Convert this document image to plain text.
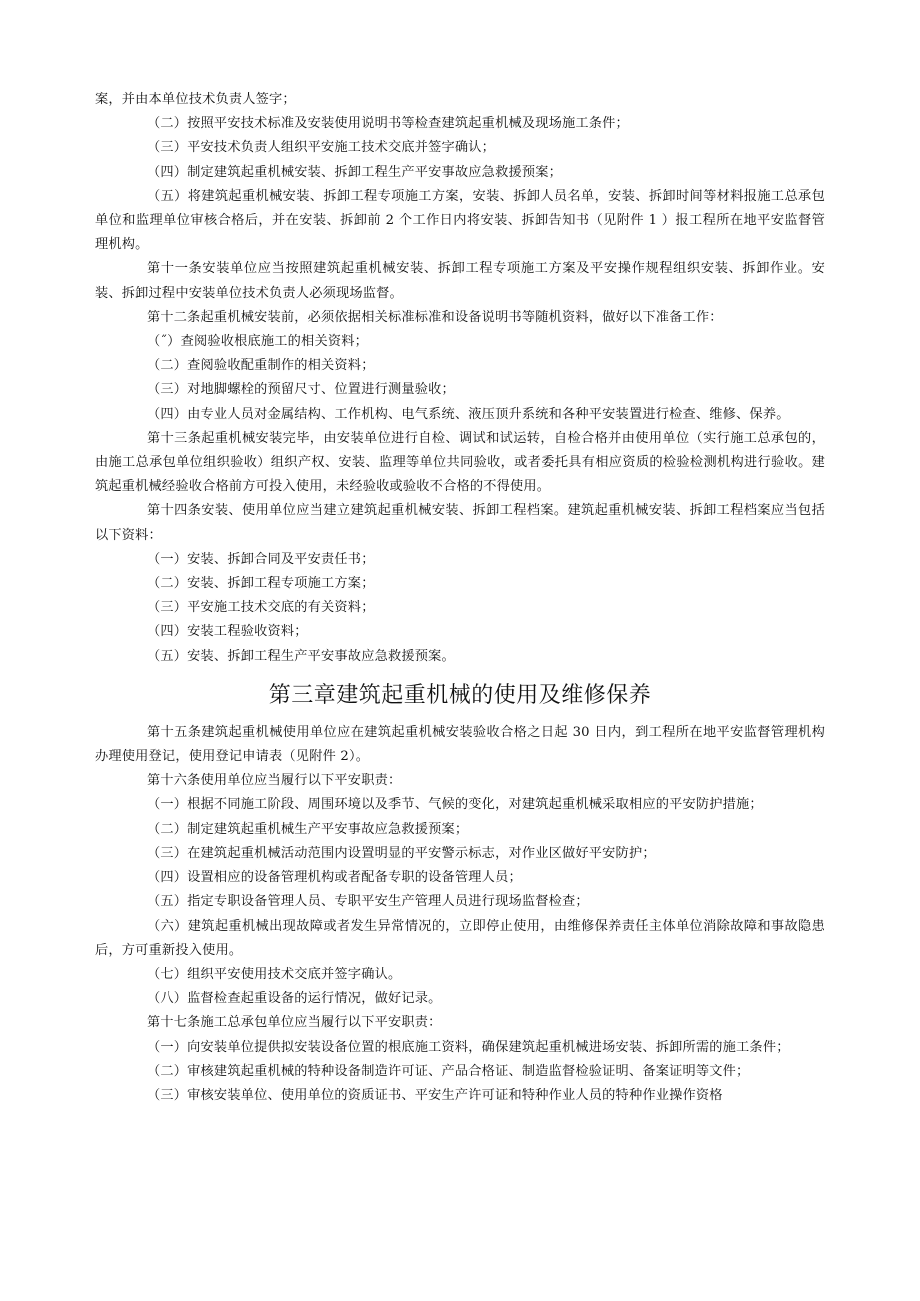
案，并由本单位技术负责人签字；

（二）按照平安技术标准及安装使用说明书等检查建筑起重机械及现场施工条件；

（三）平安技术负责人组织平安施工技术交底并签字确认；

（四）制定建筑起重机械安装、拆卸工程生产平安事故应急救援预案；

（五）将建筑起重机械安装、拆卸工程专项施工方案，安装、拆卸人员名单，安装、拆卸时间等材料报施工总承包单位和监理单位审核合格后，并在安装、拆卸前 2 个工作日内将安装、拆卸告知书（见附件 1 ）报工程所在地平安监督管理机构。

第十一条安装单位应当按照建筑起重机械安装、拆卸工程专项施工方案及平安操作规程组织安装、拆卸作业。安装、拆卸过程中安装单位技术负责人必须现场监督。

第十二条起重机械安装前，必须依据相关标准标准和设备说明书等随机资料，做好以下准备工作：

（˝）查阅验收根底施工的相关资料；

（二）查阅验收配重制作的相关资料；

（三）对地脚螺栓的预留尺寸、位置进行测量验收；

（四）由专业人员对金属结构、工作机构、电气系统、液压顶升系统和各种平安装置进行检查、维修、保养。

第十三条起重机械安装完毕，由安装单位进行自检、调试和试运转，自检合格并由使用单位（实行施工总承包的，由施工总承包单位组织验收）组织产权、安装、监理等单位共同验收，或者委托具有相应资质的检验检测机构进行验收。建筑起重机械经验收合格前方可投入使用，未经验收或验收不合格的不得使用。

第十四条安装、使用单位应当建立建筑起重机械安装、拆卸工程档案。建筑起重机械安装、拆卸工程档案应当包括以下资料：

（一）安装、拆卸合同及平安责任书；

（二）安装、拆卸工程专项施工方案；

（三）平安施工技术交底的有关资料；

（四）安装工程验收资料；

（五）安装、拆卸工程生产平安事故应急救援预案。

第三章建筑起重机械的使用及维修保养

第十五条建筑起重机械使用单位应在建筑起重机械安装验收合格之日起 30 日内，到工程所在地平安监督管理机构办理使用登记，使用登记申请表（见附件 2）。

第十六条使用单位应当履行以下平安职责：

（一）根据不同施工阶段、周围环境以及季节、气候的变化，对建筑起重机械采取相应的平安防护措施；

（二）制定建筑起重机械生产平安事故应急救援预案；

（三）在建筑起重机械活动范围内设置明显的平安警示标志，对作业区做好平安防护；

（四）设置相应的设备管理机构或者配备专职的设备管理人员；

（五）指定专职设备管理人员、专职平安生产管理人员进行现场监督检查；

（六）建筑起重机械出现故障或者发生异常情况的，立即停止使用，由维修保养责任主体单位消除故障和事故隐患后，方可重新投入使用。

（七）组织平安使用技术交底并签字确认。

（八）监督检查起重设备的运行情况，做好记录。

第十七条施工总承包单位应当履行以下平安职责：

（一）向安装单位提供拟安装设备位置的根底施工资料，确保建筑起重机械进场安装、拆卸所需的施工条件；

（二）审核建筑起重机械的特种设备制造许可证、产品合格证、制造监督检验证明、备案证明等文件；

（三）审核安装单位、使用单位的资质证书、平安生产许可证和特种作业人员的特种作业操作资格
